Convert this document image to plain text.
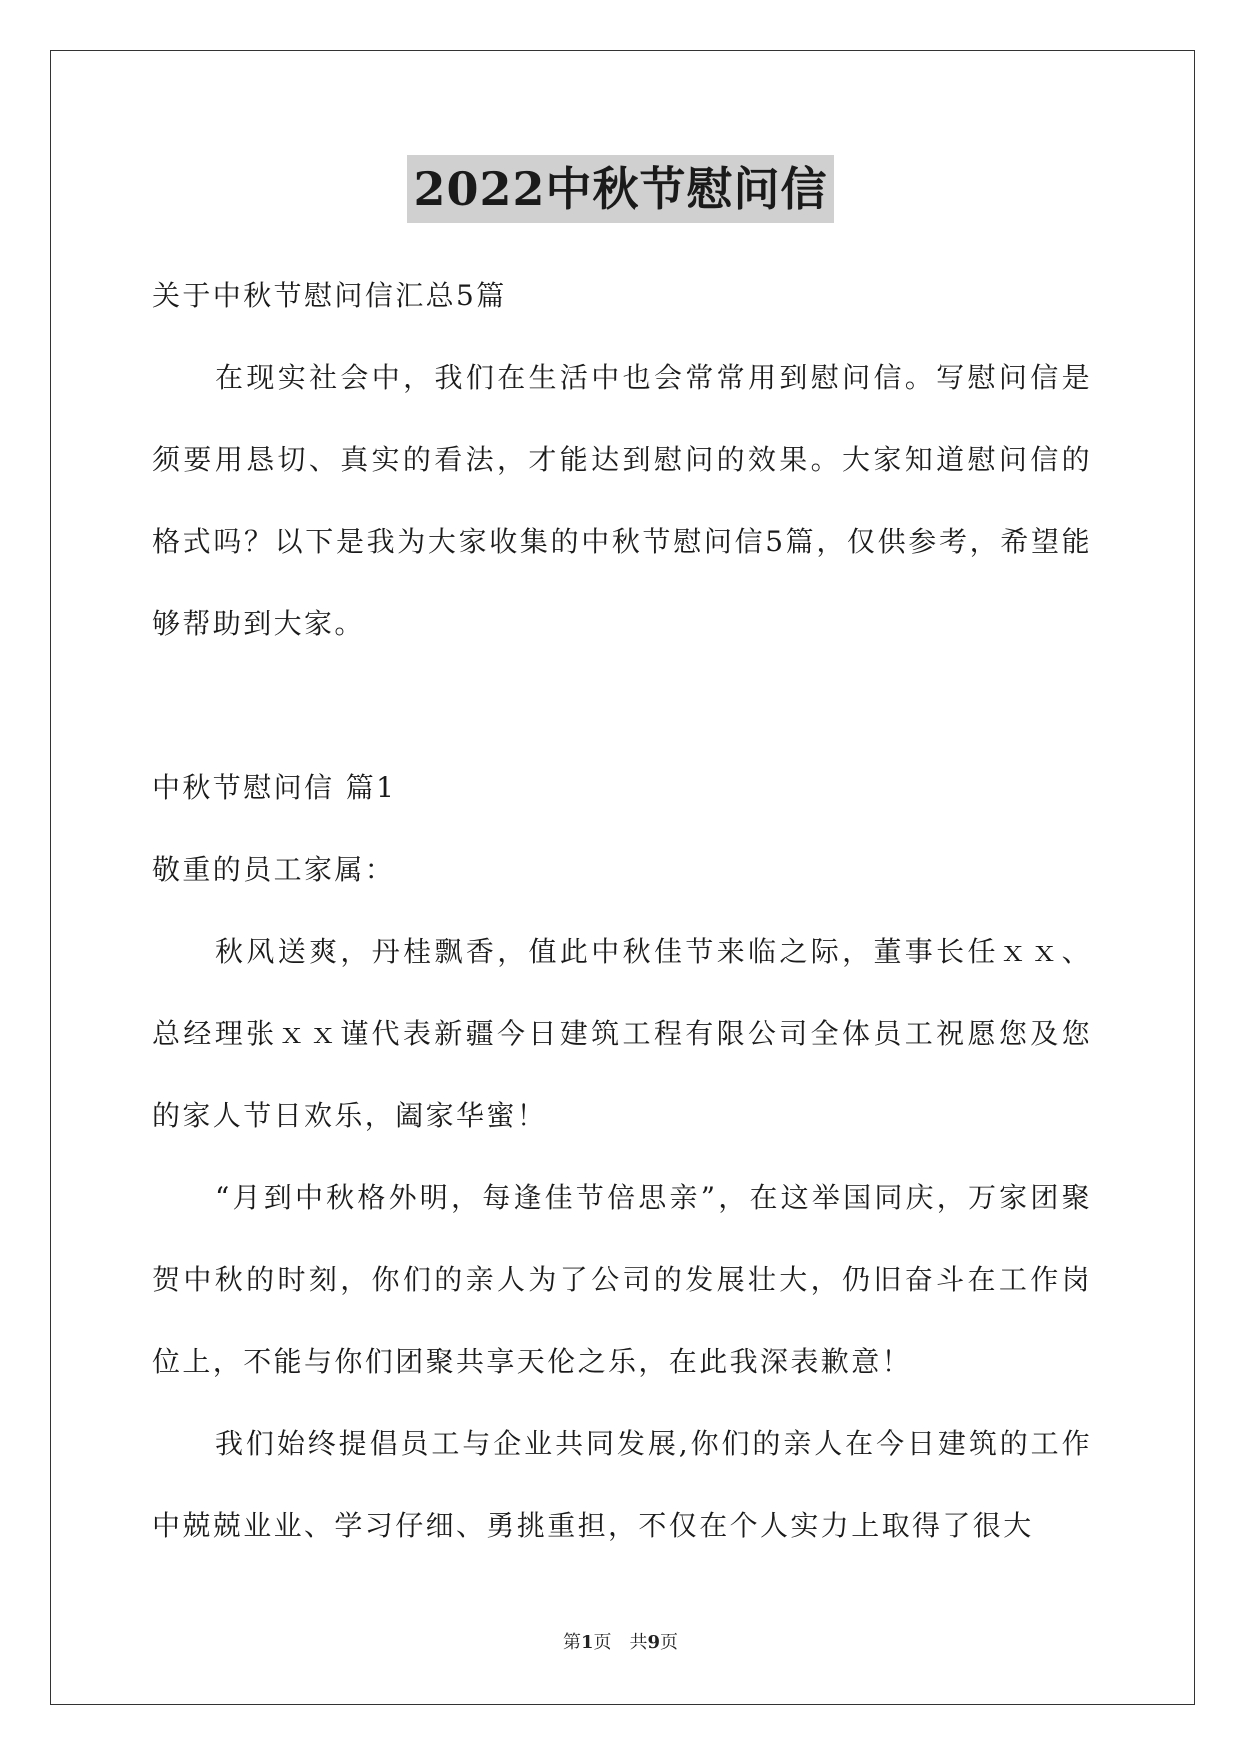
2022中秋节慰问信

关于中秋节慰问信汇总5篇

在现实社会中，我们在生活中也会常常用到慰问信。写慰问信是须要用恳切、真实的看法，才能达到慰问的效果。大家知道慰问信的格式吗？以下是我为大家收集的中秋节慰问信5篇，仅供参考，希望能够帮助到大家。

中秋节慰问信 篇1

敬重的员工家属：

秋风送爽，丹桂飘香，值此中秋佳节来临之际，董事长任ｘｘ、总经理张ｘｘ谨代表新疆今日建筑工程有限公司全体员工祝愿您及您的家人节日欢乐，阖家华蜜！

“月到中秋格外明，每逢佳节倍思亲”，在这举国同庆，万家团聚贺中秋的时刻，你们的亲人为了公司的发展壮大，仍旧奋斗在工作岗位上，不能与你们团聚共享天伦之乐，在此我深表歉意！

我们始终提倡员工与企业共同发展,你们的亲人在今日建筑的工作中兢兢业业、学习仔细、勇挑重担，不仅在个人实力上取得了很大

第1页　共9页
